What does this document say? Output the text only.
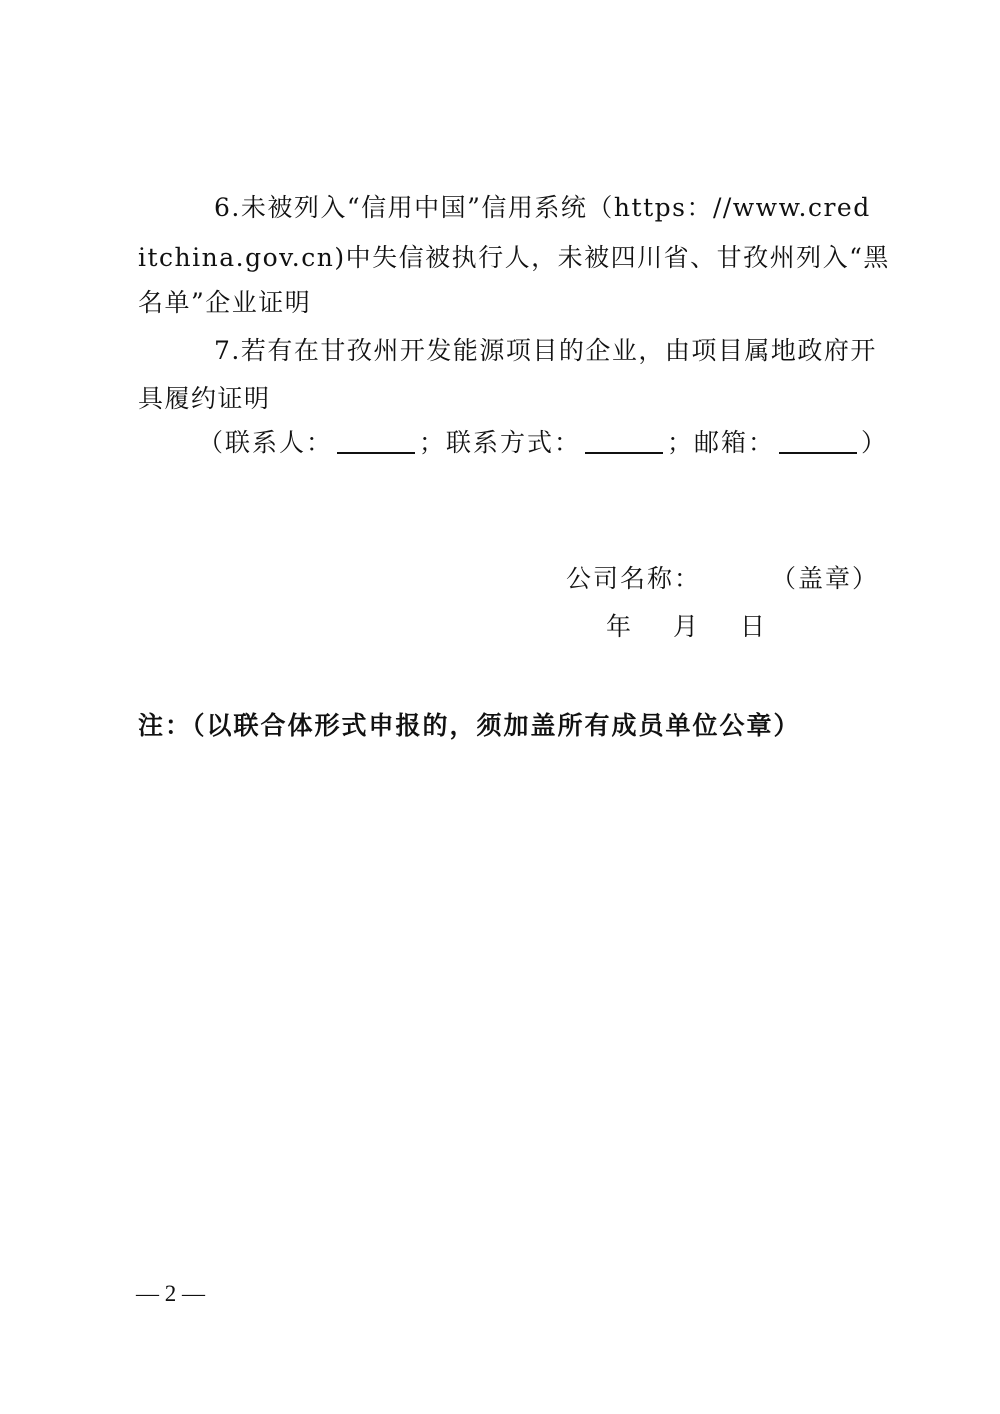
6.未被列入“信用中国”信用系统（https：//www.cred
itchina.gov.cn)中失信被执行人，未被四川省、甘孜州列入“黑
名单”企业证明
7.若有在甘孜州开发能源项目的企业，由项目属地政府开
具履约证明
（联系人：	；联系方式：	；邮箱：	）
公司名称：	（盖章）
年 月 日
注：（以联合体形式申报的，须加盖所有成员单位公章）
— 2 —
